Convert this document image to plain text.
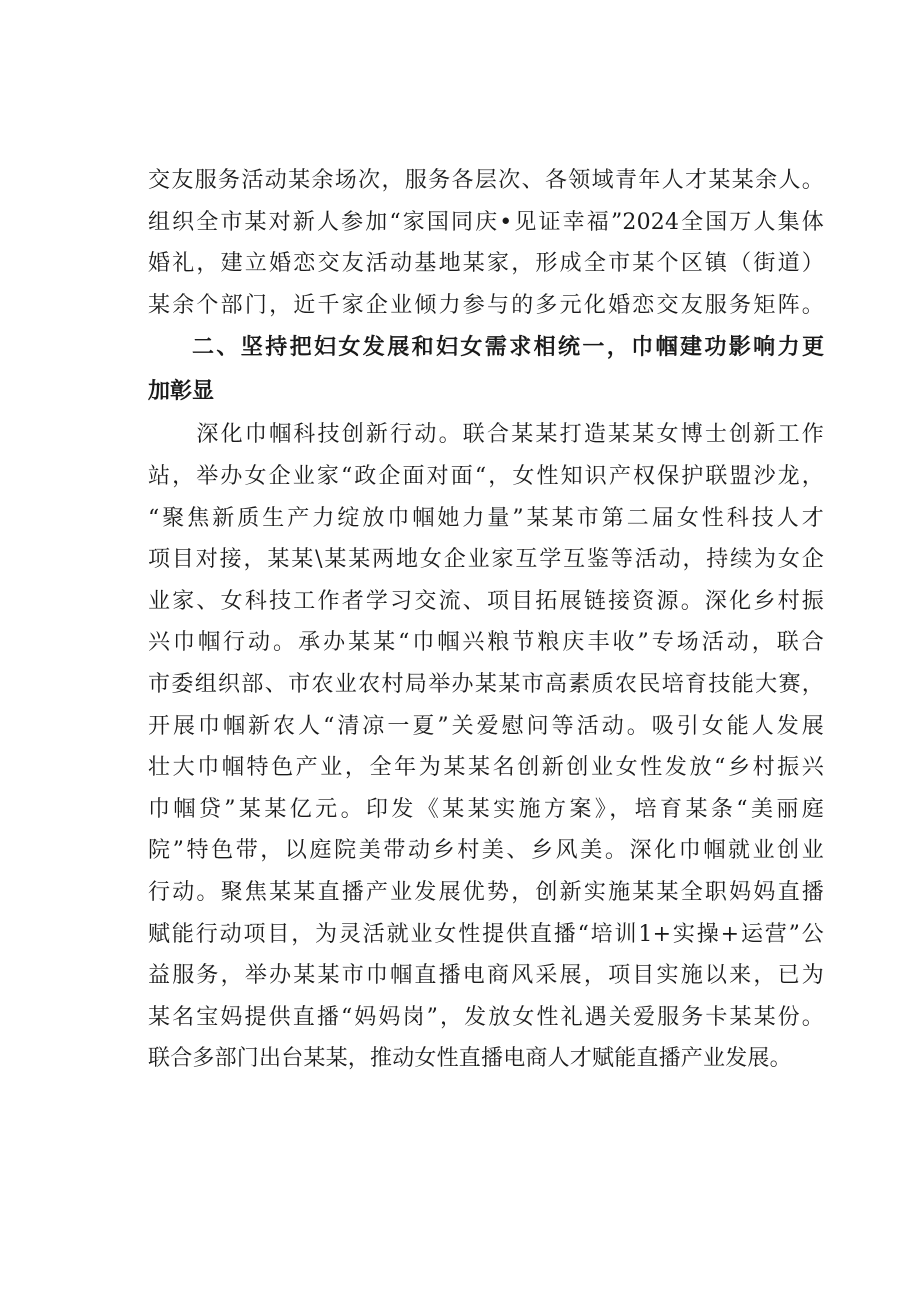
交友服务活动某余场次，服务各层次、各领域青年人才某某余人。
组织全市某对新人参加“家国同庆•见证幸福”2024全国万人集体
婚礼，建立婚恋交友活动基地某家，形成全市某个区镇（街道）
某余个部门，近千家企业倾力参与的多元化婚恋交友服务矩阵。
二、坚持把妇女发展和妇女需求相统一，巾帼建功影响力更
加彰显
　　深化巾帼科技创新行动。联合某某打造某某女博士创新工作
站，举办女企业家“政企面对面“，女性知识产权保护联盟沙龙，
“聚焦新质生产力绽放巾帼她力量”某某市第二届女性科技人才
项目对接，某某\某某两地女企业家互学互鉴等活动，持续为女企
业家、女科技工作者学习交流、项目拓展链接资源。深化乡村振
兴巾帼行动。承办某某“巾帼兴粮节粮庆丰收”专场活动，联合
市委组织部、市农业农村局举办某某市高素质农民培育技能大赛，
开展巾帼新农人“清凉一夏”关爱慰问等活动。吸引女能人发展
壮大巾帼特色产业，全年为某某名创新创业女性发放“乡村振兴
巾帼贷”某某亿元。印发《某某实施方案》，培育某条“美丽庭
院”特色带，以庭院美带动乡村美、乡风美。深化巾帼就业创业
行动。聚焦某某直播产业发展优势，创新实施某某全职妈妈直播
赋能行动项目，为灵活就业女性提供直播“培训1+实操+运营”公
益服务，举办某某市巾帼直播电商风采展，项目实施以来，已为
某名宝妈提供直播“妈妈岗”，发放女性礼遇关爱服务卡某某份。
联合多部门出台某某，推动女性直播电商人才赋能直播产业发展。
